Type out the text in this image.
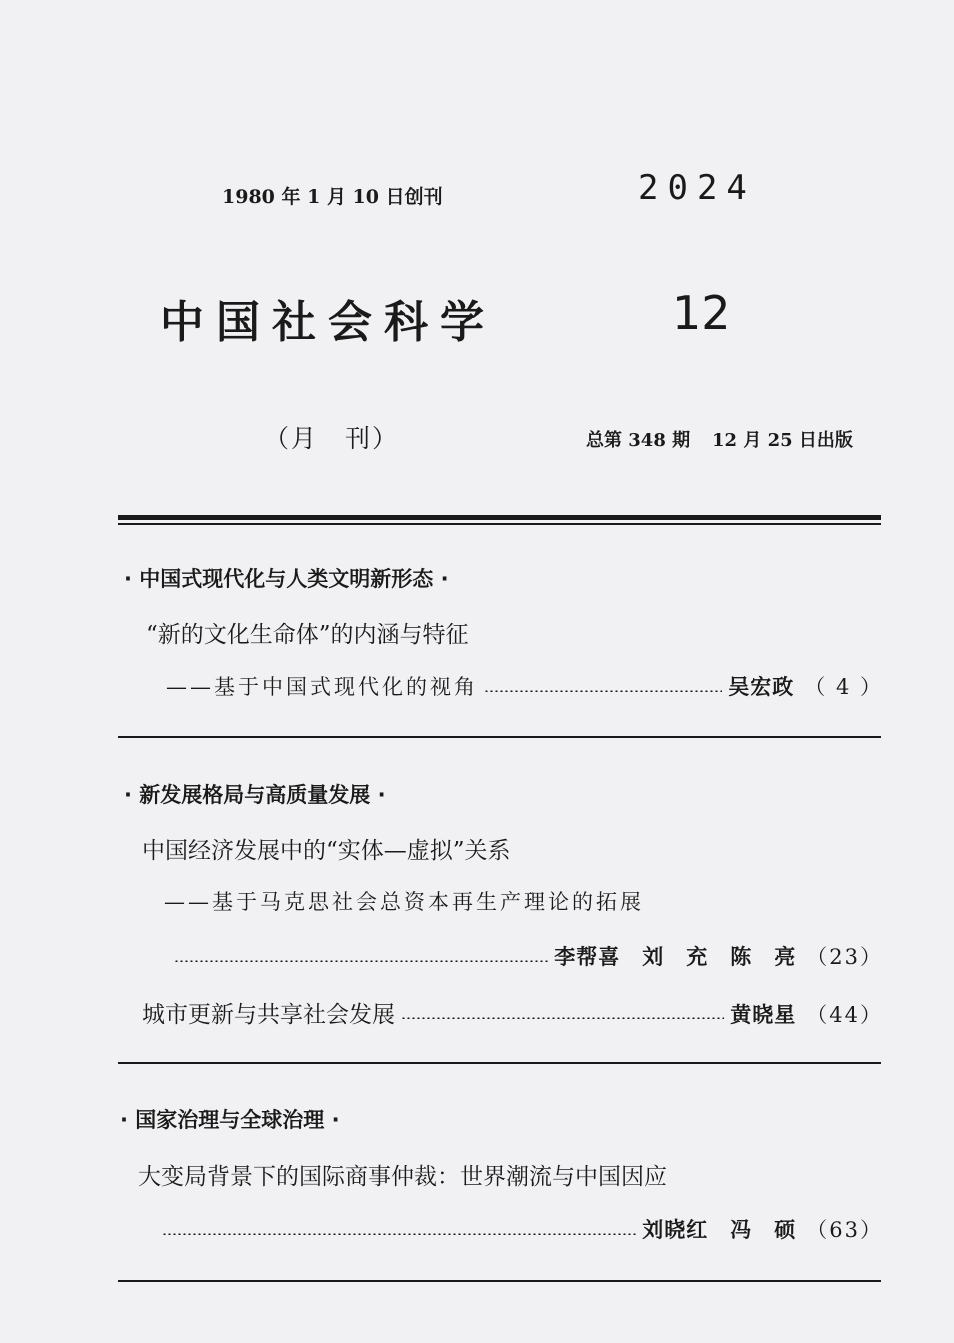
1980 年 1 月 10 日创刊	2024
中国社会科学	12
（月　刊）	总第 348 期 12 月 25 日出版
· 中国式现代化与人类文明新形态 ·
“新的文化生命体”的内涵与特征
——基于中国式现代化的视角	吴宏政 （ 4 ）
· 新发展格局与高质量发展 ·
中国经济发展中的“实体—虚拟”关系
——基于马克思社会总资本再生产理论的拓展
李帮喜　刘　充　陈　亮 （23）
城市更新与共享社会发展	黄晓星 （44）
· 国家治理与全球治理 ·
大变局背景下的国际商事仲裁：世界潮流与中国因应
刘晓红　冯　硕 （63）
